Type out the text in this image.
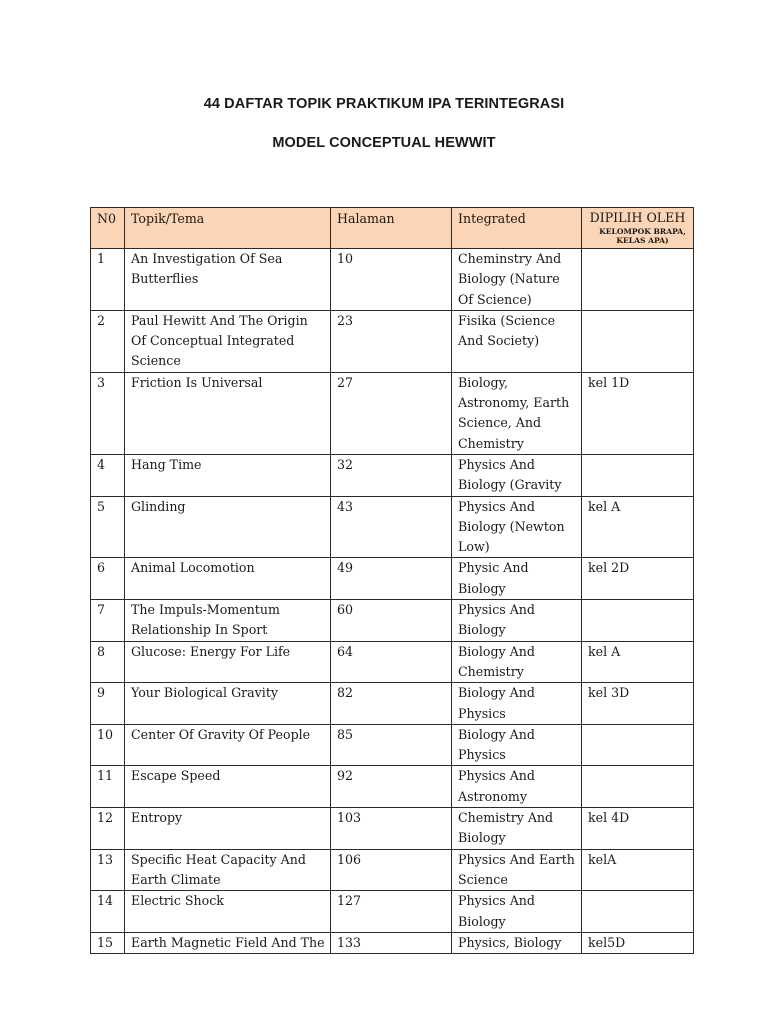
44 DAFTAR TOPIK PRAKTIKUM IPA TERINTEGRASI
MODEL CONCEPTUAL HEWWIT
N0	Topik/Tema	Halaman	Integrated	DIPILIH OLEH
KELOMPOK BRAPA, KELAS APA)

1	An Investigation Of Sea Butterflies	10	Cheminstry And Biology (Nature Of Science)	
2	Paul Hewitt And The Origin Of Conceptual Integrated Science	23	Fisika (Science And Society)	
3	Friction Is Universal	27	Biology, Astronomy, Earth Science, And Chemistry	kel 1D
4	Hang Time	32	Physics And Biology (Gravity	
5	Glinding	43	Physics And Biology (Newton Low)	kel A
6	Animal Locomotion	49	Physic And Biology	kel 2D
7	The Impuls-Momentum Relationship In Sport	60	Physics And Biology	
8	Glucose: Energy For Life	64	Biology And Chemistry	kel A
9	Your Biological Gravity	82	Biology And Physics	kel 3D
10	Center Of Gravity Of People	85	Biology And Physics	
11	Escape Speed	92	Physics And Astronomy	
12	Entropy	103	Chemistry And Biology	kel 4D
13	Specific Heat Capacity And Earth Climate	106	Physics And Earth Science	kelA
14	Electric Shock	127	Physics And Biology	
15	Earth Magnetic Field And The	133	Physics, Biology	kel5D
